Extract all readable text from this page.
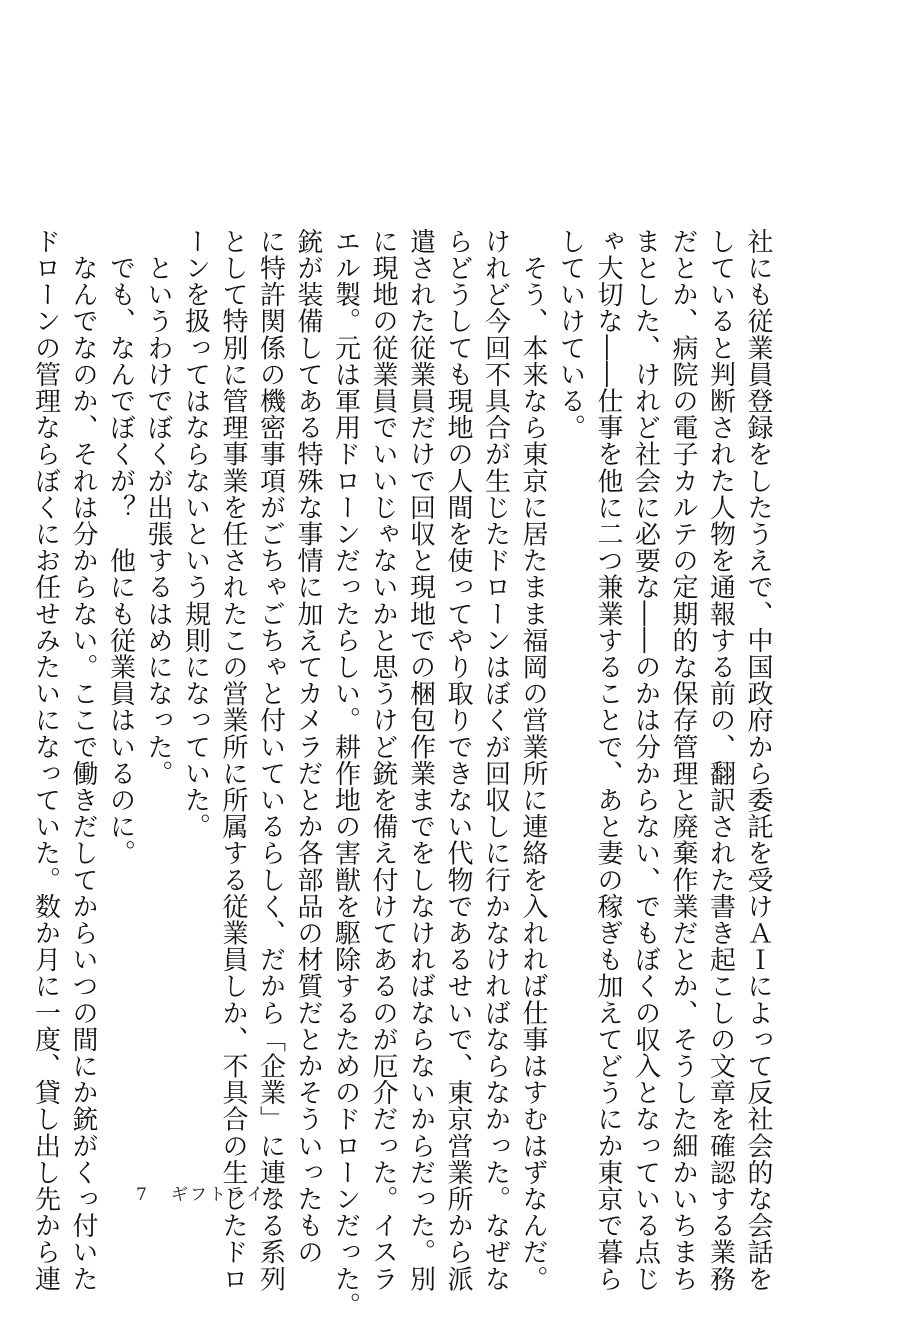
社にも従業員登録をしたうえで、中国政府から委託を受けＡＩによって反社会的な会話を

していると判断された人物を通報する前の、翻訳された書き起こしの文章を確認する業務

だとか、病院の電子カルテの定期的な保存管理と廃棄作業だとか、そうした細かいちまち

まとした、けれど社会に必要な――のかは分からない、でもぼくの収入となっている点じ

ゃ大切な――仕事を他に二つ兼業することで、あと妻の稼ぎも加えてどうにか東京で暮ら

していけている。

　そう、本来なら東京に居たまま福岡の営業所に連絡を入れれば仕事はすむはずなんだ。

けれど今回不具合が生じたドローンはぼくが回収しに行かなければならなかった。なぜな

らどうしても現地の人間を使ってやり取りできない代物であるせいで、東京営業所から派

遣された従業員だけで回収と現地での梱包作業までをしなければならないからだった。別

に現地の従業員でいいじゃないかと思うけど銃を備え付けてあるのが厄介だった。イスラ

エル製。元は軍用ドローンだったらしい。耕作地の害獣を駆除するためのドローンだった。

銃が装備してある特殊な事情に加えてカメラだとか各部品の材質だとかそういったもの

に特許関係の機密事項がごちゃごちゃと付いているらしく、だから「企業」に連なる系列

として特別に管理事業を任されたこの営業所に所属する従業員しか、不具合の生じたドロ

ーンを扱ってはならないという規則になっていた。

　というわけでぼくが出張するはめになった。

　でも、なんでぼくが？　他にも従業員はいるのに。

　なんでなのか、それは分からない。ここで働きだしてからいつの間にか銃がくっ付いた

ドローンの管理ならぼくにお任せみたいになっていた。数か月に一度、貸し出し先から連	7 ギフトライフ
